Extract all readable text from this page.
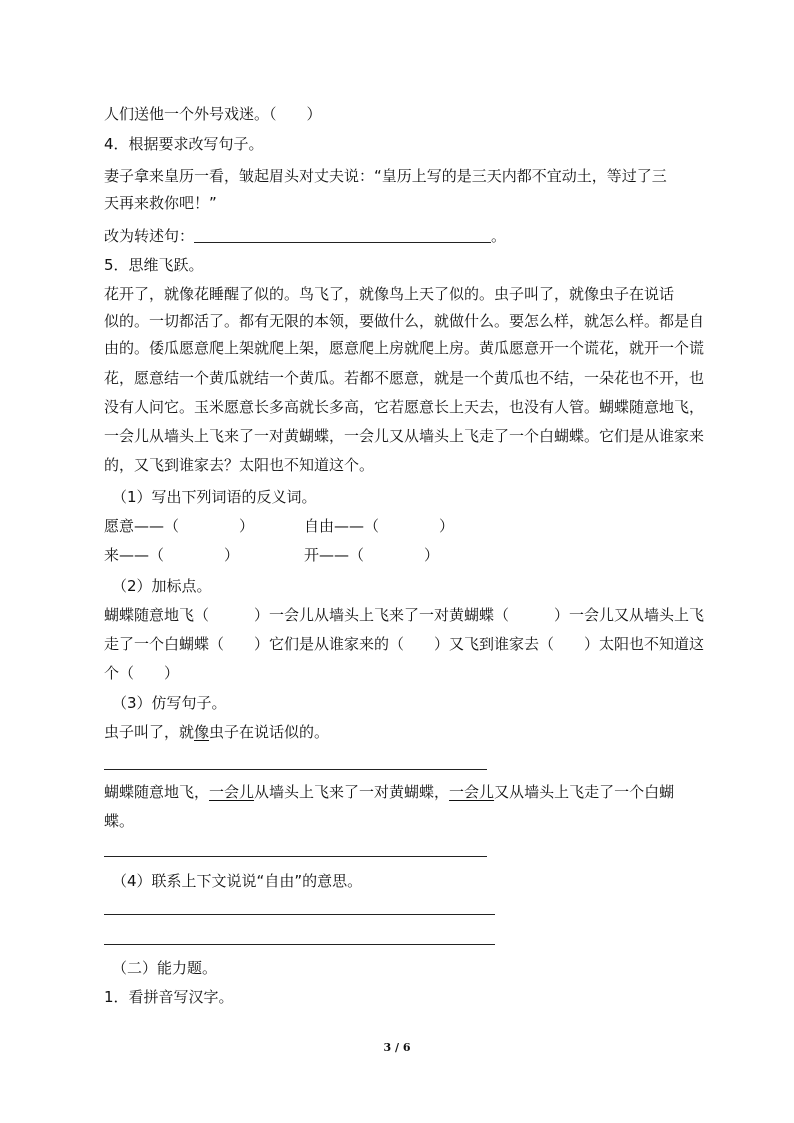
人们送他一个外号戏迷。（　　）
4．根据要求改写句子。
妻子拿来皇历一看，皱起眉头对丈夫说：“皇历上写的是三天内都不宜动土，等过了三
天再来救你吧！”
改为转述句：	。
5．思维飞跃。
花开了，就像花睡醒了似的。鸟飞了，就像鸟上天了似的。虫子叫了，就像虫子在说话
似的。一切都活了。都有无限的本领，要做什么，就做什么。要怎么样，就怎么样。都是自
由的。倭瓜愿意爬上架就爬上架，愿意爬上房就爬上房。黄瓜愿意开一个谎花，就开一个谎
花，愿意结一个黄瓜就结一个黄瓜。若都不愿意，就是一个黄瓜也不结，一朵花也不开，也
没有人问它。玉米愿意长多高就长多高，它若愿意长上天去，也没有人管。蝴蝶随意地飞，
一会儿从墙头上飞来了一对黄蝴蝶，一会儿又从墙头上飞走了一个白蝴蝶。它们是从谁家来
的，又飞到谁家去？太阳也不知道这个。
（1）写出下列词语的反义词。
愿意——（　　　　）	自由——（　　　　）
来——（　　　　）	开——（　　　　）
（2）加标点。
蝴蝶随意地飞（　　　）一会儿从墙头上飞来了一对黄蝴蝶（　　　）一会儿又从墙头上飞
走了一个白蝴蝶（　　）它们是从谁家来的（　　）又飞到谁家去（　　）太阳也不知道这
个（　　）
（3）仿写句子。
虫子叫了，就像虫子在说话似的。
蝴蝶随意地飞，一会儿从墙头上飞来了一对黄蝴蝶，一会儿又从墙头上飞走了一个白蝴
蝶。
（4）联系上下文说说“自由”的意思。
（二）能力题。
1．看拼音写汉字。
3 / 6
